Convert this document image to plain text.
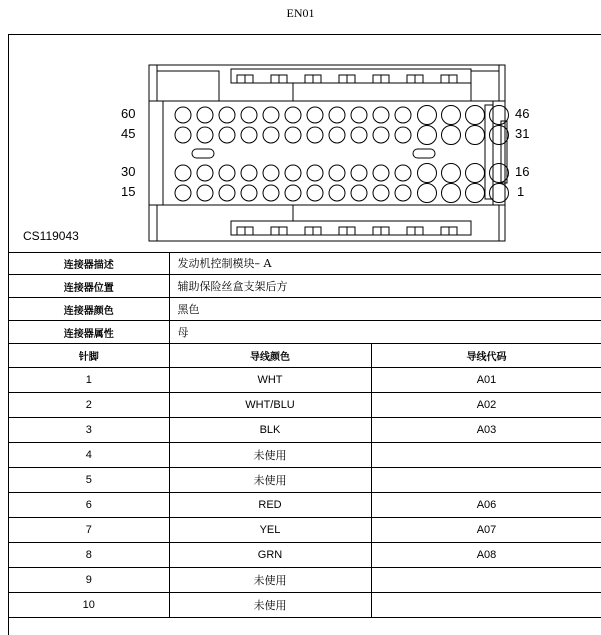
EN01
60
45
30
15
46
31
16
1
CS119043
连接器描述	发动机控制模块– A	
连接器位置	辅助保险丝盒支架后方	
连接器颜色	黑色	
连接器属性	母	
针脚	导线颜色	导线代码
1	WHT	A01
2	WHT/BLU	A02
3	BLK	A03
4	未使用	
5	未使用	
6	RED	A06
7	YEL	A07
8	GRN	A08
9	未使用	
10	未使用	
